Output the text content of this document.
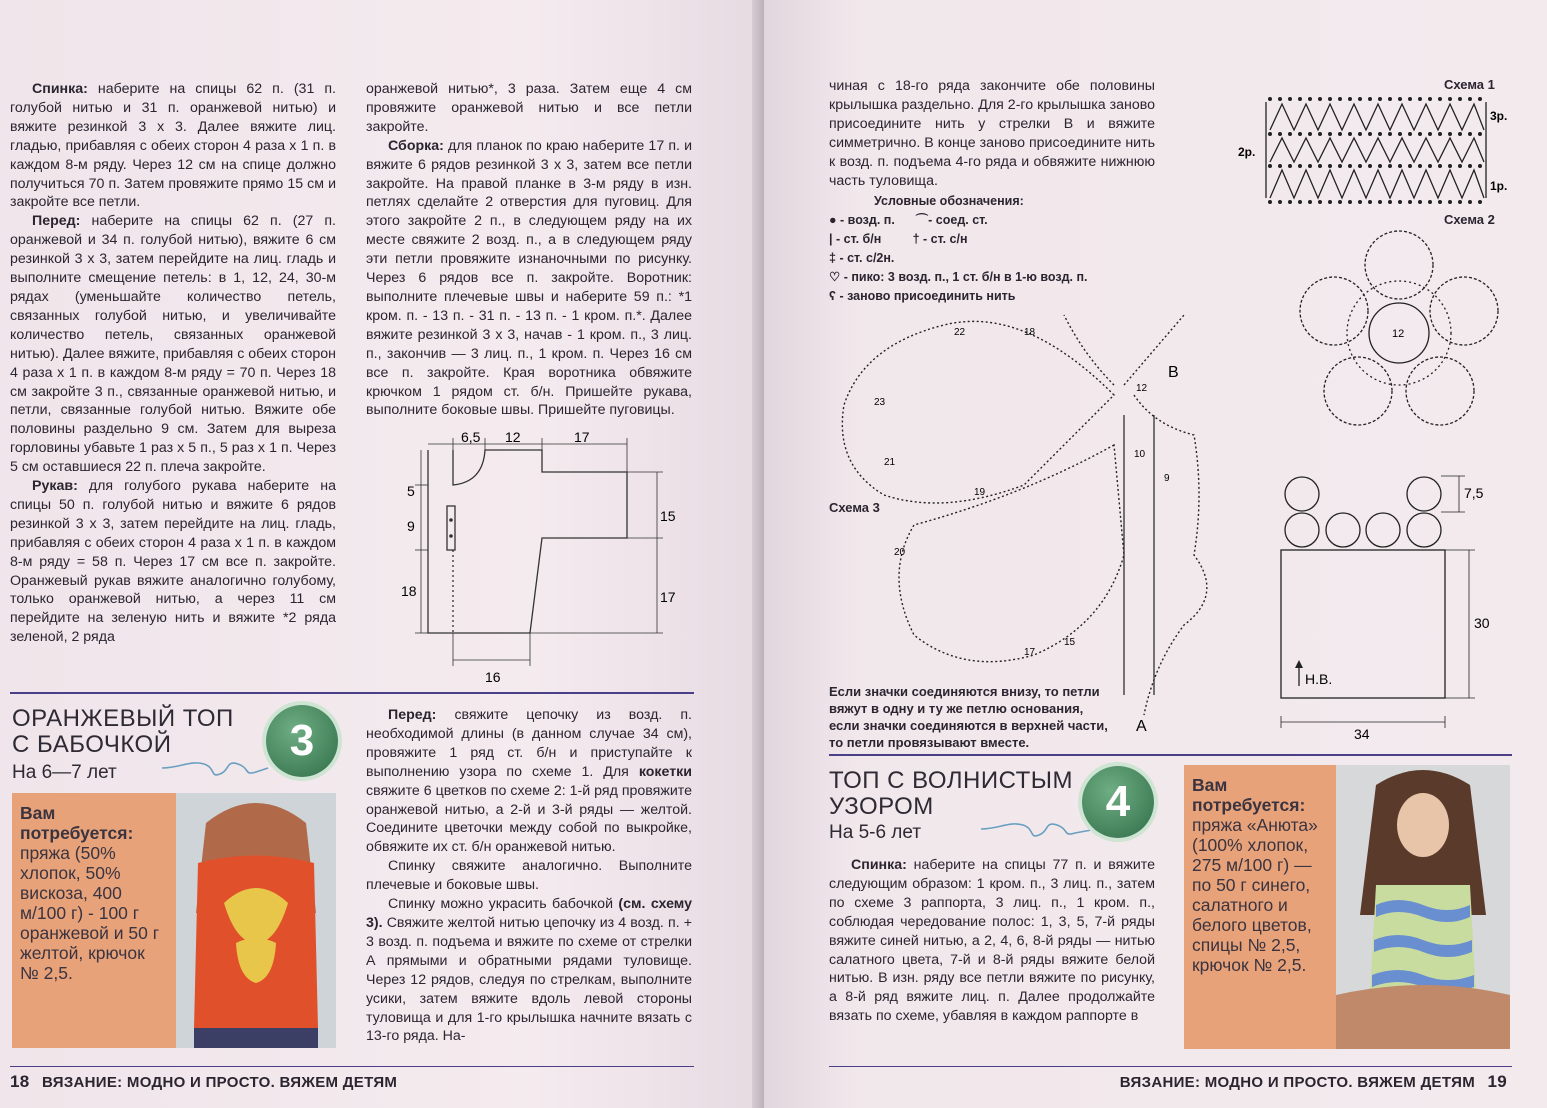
Спинка: наберите на спицы 62 п. (31 п. голубой нитью и 31 п. оранжевой нитью) и вяжите резинкой 3 х 3. Далее вяжите лиц. гладью, прибавляя с обеих сторон 4 раза х 1 п. в каждом 8-м ряду. Через 12 см на спице должно получиться 70 п. Затем провяжите прямо 15 см и закройте все петли.

Перед: наберите на спицы 62 п. (27 п. оранжевой и 34 п. голубой нитью), вяжите 6 см резинкой 3 х 3, затем перейдите на лиц. гладь и выполните смещение петель: в 1, 12, 24, 30-м рядах (уменьшайте количество петель, связанных голубой нитью, и увеличивайте количество петель, связанных оранжевой нитью). Далее вяжите, прибавляя с обеих сторон 4 раза х 1 п. в каждом 8-м ряду = 70 п. Через 18 см закройте 3 п., связанные оранжевой нитью, и петли, связанные голубой нитью. Вяжите обе половины раздельно 9 см. Затем для выреза горловины убавьте 1 раз х 5 п., 5 раз х 1 п. Через 5 см оставшиеся 22 п. плеча закройте.

Рукав: для голубого рукава наберите на спицы 50 п. голубой нитью и вяжите 6 рядов резинкой 3 х 3, затем перейдите на лиц. гладь, прибавляя с обеих сторон 4 раза х 1 п. в каждом 8-м ряду = 58 п. Через 17 см все п. закройте. Оранжевый рукав вяжите аналогично голубому, только оранжевой нитью, а через 11 см перейдите на зеленую нить и вяжите *2 ряда зеленой, 2 ряда

оранжевой нитью*, 3 раза. Затем еще 4 см провяжите оранжевой нитью и все петли закройте.

Сборка: для планок по краю наберите 17 п. и вяжите 6 рядов резинкой 3 х 3, затем все петли закройте. На правой планке в 3-м ряду в изн. петлях сделайте 2 отверстия для пуговиц. Для этого закройте 2 п., в следующем ряду на их месте свяжите 2 возд. п., а в следующем ряду эти петли провяжите изнаночными по рисунку. Через 6 рядов все п. закройте. Воротник: выполните плечевые швы и наберите 59 п.: *1 кром. п. - 13 п. - 31 п. - 13 п. - 1 кром. п.*. Далее вяжите резинкой 3 х 3, начав - 1 кром. п., 3 лиц. п., закончив — 3 лиц. п., 1 кром. п. Через 16 см все п. закройте. Края воротника обвяжите крючком 1 рядом ст. б/н. Пришейте рукава, выполните боковые швы. Пришейте пуговицы.

6,5 12	17
5
9
18
15
17
16
ОРАНЖЕВЫЙ ТОП
С БАБОЧКОЙ
На 6—7 лет
3
Вам потребуется:
пряжа (50% хлопок, 50% вискоза, 400 м/100 г) - 100 г оранжевой и 50 г желтой, крючок № 2,5.

Перед: свяжите цепочку из возд. п. необходимой длины (в данном случае 34 см), провяжите 1 ряд ст. б/н и приступайте к выполнению узора по схеме 1. Для кокетки свяжите 6 цветков по схеме 2: 1-й ряд провяжите оранжевой нитью, а 2-й и 3-й ряды — желтой. Соедините цветочки между собой по выкройке, обвяжите их ст. б/н оранжевой нитью.

Спинку свяжите аналогично. Выполните плечевые и боковые швы.

Спинку можно украсить бабочкой (см. схему 3). Свяжите желтой нитью цепочку из 4 возд. п. + 3 возд. п. подъема и вяжите по схеме от стрелки А прямыми и обратными рядами туловище. Через 12 рядов, следуя по стрелкам, выполните усики, затем вяжите вдоль левой стороны туловища и для 1-го крылышка начните вязать с 13-го ряда. На-

18 ВЯЗАНИЕ: МОДНО И ПРОСТО. ВЯЖЕМ ДЕТЯМ
чиная с 18-го ряда закончите обе половины крылышка раздельно. Для 2-го крылышка заново присоедините нить у стрелки В и вяжите симметрично. В конце заново присоедините нить к возд. п. подъема 4-го ряда и обвяжите нижнюю часть туловища.
Условные обозначения:
● - возд. п. ⌒- соед. ст.
| - ст. б/н	† - ст. с/н
‡ - ст. с/2н.
♡ - пико: 3 возд. п., 1 ст. б/н в 1-ю возд. п.
ʕ - заново присоединить нить
Схема 1
3р.
2р.
1р.
Схема 2
12
Схема 3
В
А
23
22
20
18
21
19
17
15
12
10
9
Если значки соединяются внизу, то петли вяжут в одну и ту же петлю основания, если значки соединяются в верхней части, то петли провязывают вместе.
7,5
30
34
Н.В.
ТОП С ВОЛНИСТЫМ
УЗОРОМ
На 5-6 лет
4

Спинка: наберите на спицы 77 п. и вяжите следующим образом: 1 кром. п., 3 лиц. п., затем по схеме 3 раппорта, 3 лиц. п., 1 кром. п., соблюдая чередование полос: 1, 3, 5, 7-й ряды вяжите синей нитью, а 2, 4, 6, 8-й ряды — нитью салатного цвета, 7-й и 8-й ряды вяжите белой нитью. В изн. ряду все петли вяжите по рисунку, а 8-й ряд вяжите лиц. п. Далее продолжайте вязать по схеме, убавляя в каждом раппорте в

Вам потребуется:
пряжа «Анюта» (100% хлопок, 275 м/100 г) — по 50 г синего, салатного и белого цветов, спицы № 2,5, крючок № 2,5.
ВЯЗАНИЕ: МОДНО И ПРОСТО. ВЯЖЕМ ДЕТЯМ 19
